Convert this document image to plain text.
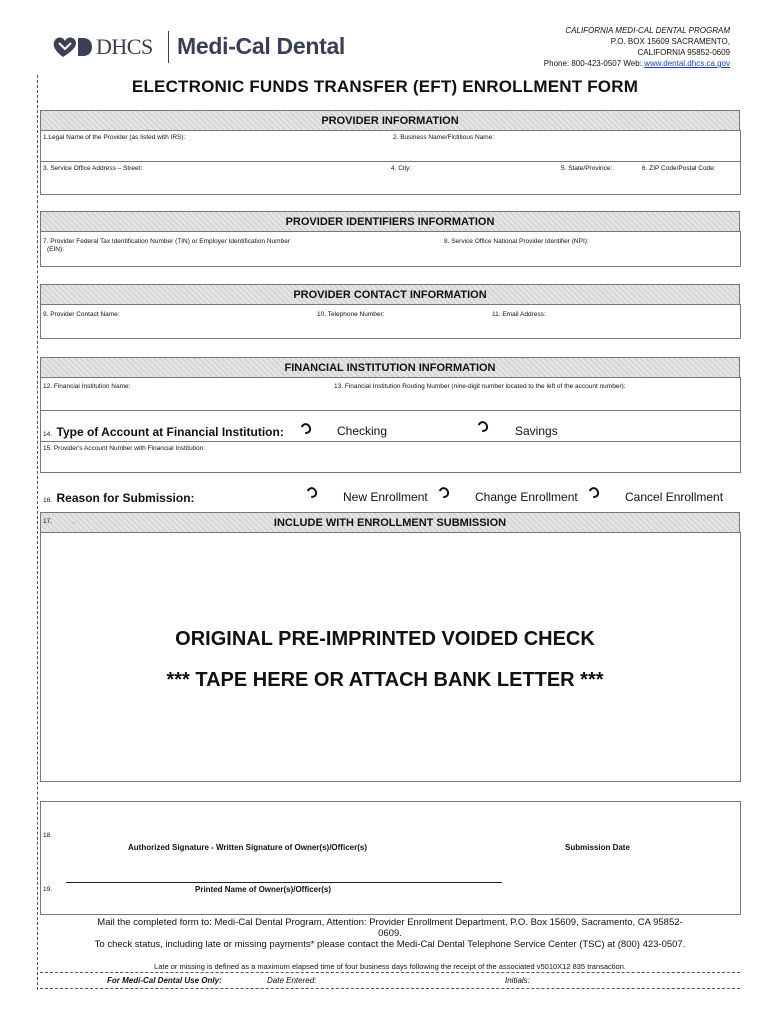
DHCS Medi-Cal Dental
CALIFORNIA MEDI-CAL DENTAL PROGRAM
P.O. BOX 15609 SACRAMENTO,
CALIFORNIA 95852-0609
Phone: 800-423-0507 Web: www.dental.dhcs.ca.gov
ELECTRONIC FUNDS TRANSFER (EFT) ENROLLMENT FORM
PROVIDER INFORMATION
1.Legal Name of the Provider (as listed with IRS):	2. Business Name/Fictitious Name:
3. Service Office Address – Street:	4. City:	5. State/Province:	6. ZIP Code/Postal Code:
PROVIDER IDENTIFIERS INFORMATION
7. Provider Federal Tax Identification Number (TIN) or Employer Identification Number
(EIN):
8. Service Office National Provider Identifier (NPI):
PROVIDER CONTACT INFORMATION
9. Provider Contact Name:	10. Telephone Number:	11. Email Address:
FINANCIAL INSTITUTION INFORMATION
12. Financial Institution Name:	13. Financial Institution Routing Number (nine-digit number located to the left of the account number):
14. Type of Account at Financial Institution:	Checking	Savings
15. Provider's Account Number with Financial Institution:
16. Reason for Submission:	New Enrollment	Change Enrollment	Cancel Enrollment
INCLUDE WITH ENROLLMENT SUBMISSION
17.	.
ORIGINAL PRE-IMPRINTED VOIDED CHECK
*** TAPE HERE OR ATTACH BANK LETTER ***
18.
Authorized Signature - Written Signature of Owner(s)/Officer(s)	Submission Date
19.	Printed Name of Owner(s)/Officer(s)
Mail the completed form to: Medi-Cal Dental Program, Attention: Provider Enrollment Department, P.O. Box 15609, Sacramento, CA 95852-
0609.
To check status, including late or missing payments* please contact the Medi-Cal Dental Telephone Service Center (TSC) at (800) 423-0507.
Late or missing is defined as a maximum elapsed time of four business days following the receipt of the associated v5010X12 835 transaction.
For Medi-Cal Dental Use Only:	Date Entered:	Initials:
